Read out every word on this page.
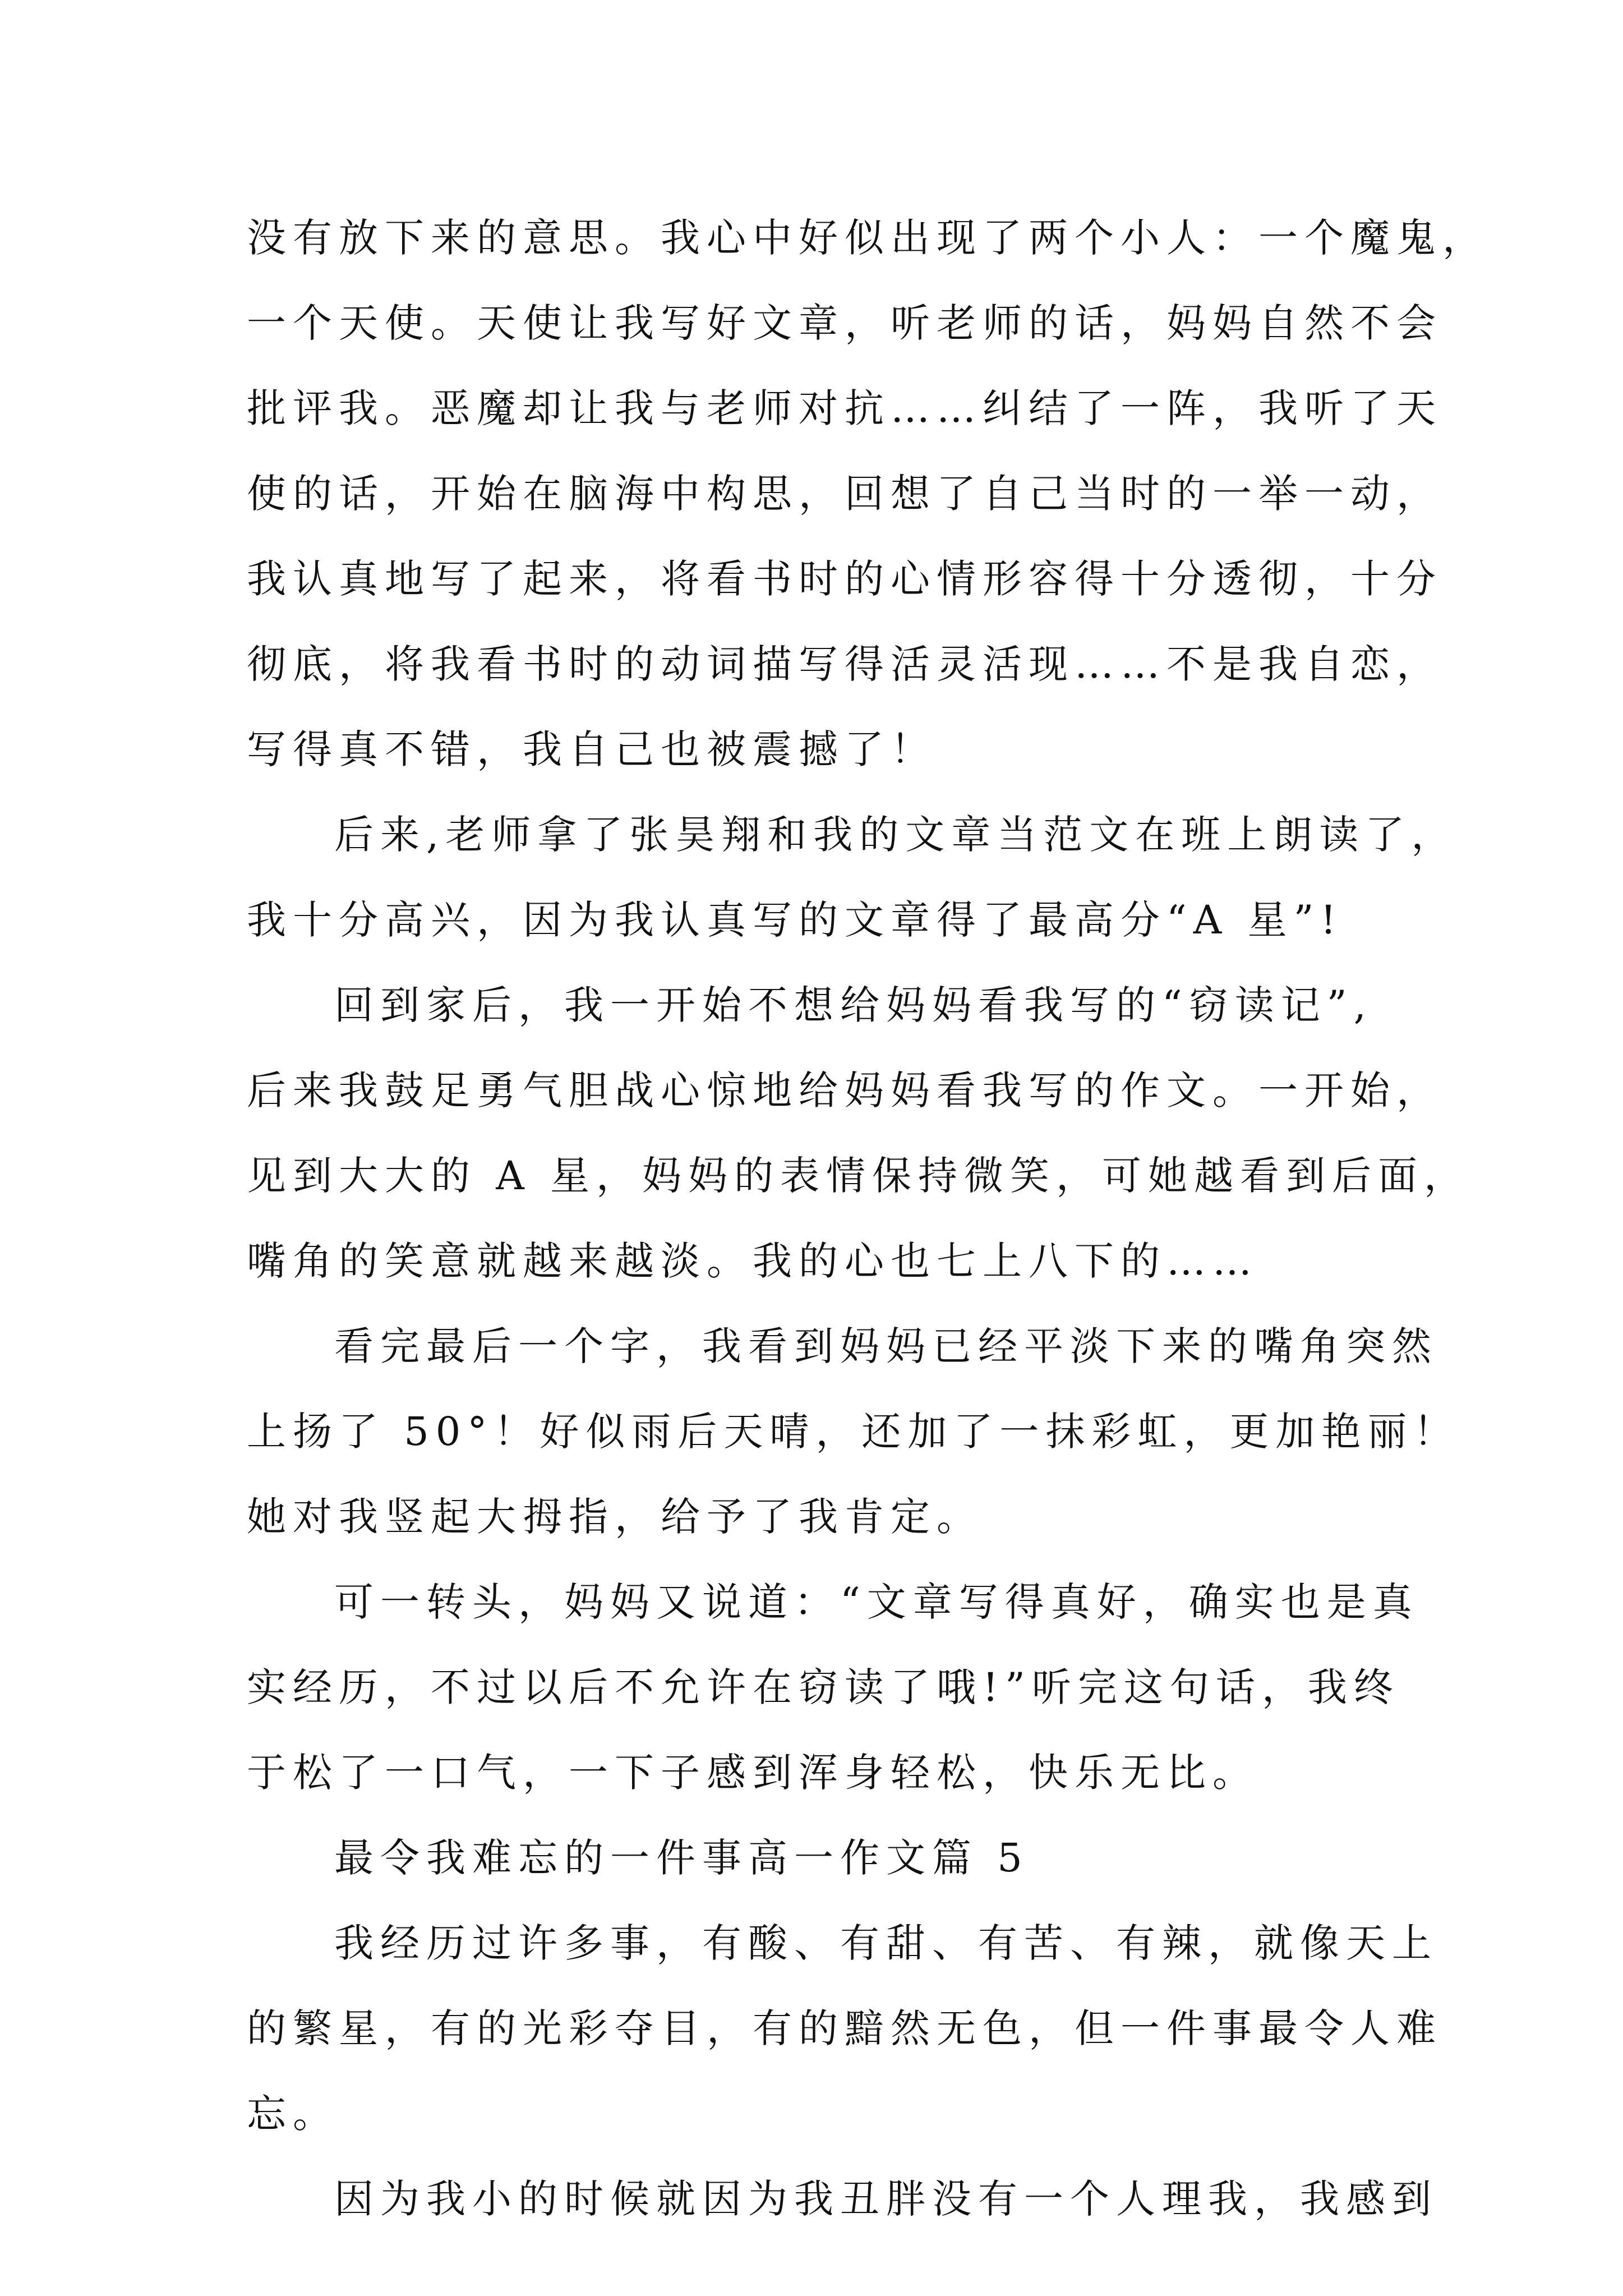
没有放下来的意思。我心中好似出现了两个小人：一个魔鬼，
一个天使。天使让我写好文章，听老师的话，妈妈自然不会
批评我。恶魔却让我与老师对抗……纠结了一阵，我听了天
使的话，开始在脑海中构思，回想了自己当时的一举一动，
我认真地写了起来，将看书时的心情形容得十分透彻，十分
彻底，将我看书时的动词描写得活灵活现……不是我自恋，
写得真不错，我自己也被震撼了！
后来,老师拿了张昊翔和我的文章当范文在班上朗读了，
我十分高兴，因为我认真写的文章得了最高分“A 星”!
回到家后，我一开始不想给妈妈看我写的“窃读记”,
后来我鼓足勇气胆战心惊地给妈妈看我写的作文。一开始，
见到大大的 A 星，妈妈的表情保持微笑，可她越看到后面，
嘴角的笑意就越来越淡。我的心也七上八下的……
看完最后一个字，我看到妈妈已经平淡下来的嘴角突然
上扬了 50°！好似雨后天晴，还加了一抹彩虹，更加艳丽！
她对我竖起大拇指，给予了我肯定。
可一转头，妈妈又说道：“文章写得真好，确实也是真
实经历，不过以后不允许在窃读了哦!”听完这句话，我终
于松了一口气，一下子感到浑身轻松，快乐无比。
最令我难忘的一件事高一作文篇 5
我经历过许多事，有酸、有甜、有苦、有辣，就像天上
的繁星，有的光彩夺目，有的黯然无色，但一件事最令人难
忘。
因为我小的时候就因为我丑胖没有一个人理我，我感到
